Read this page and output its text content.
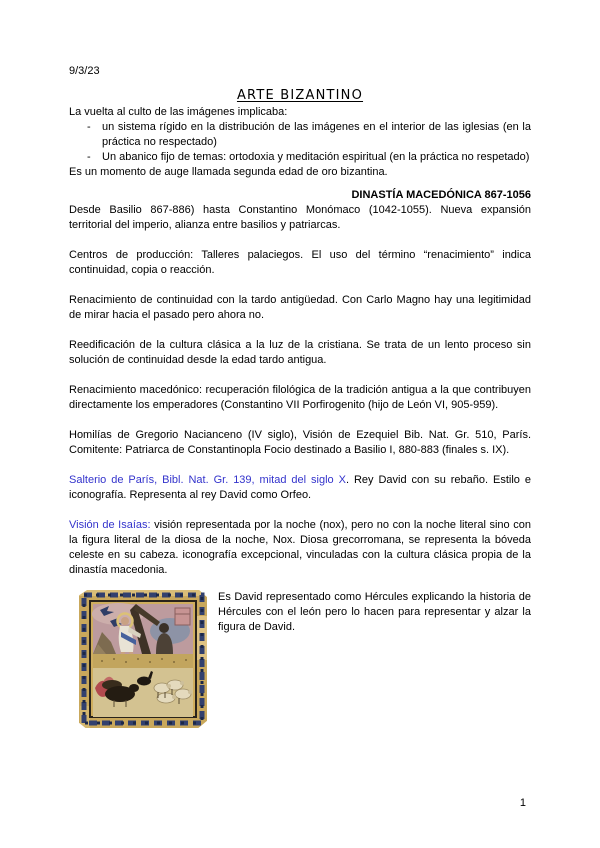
9/3/23

ARTE BIZANTINO

La vuelta al culto de las imágenes implicaba:

- un sistema rígido en la distribución de las imágenes en el interior de las iglesias (en la práctica no respectado)
- Un abanico fijo de temas: ortodoxia y meditación espiritual (en la práctica no respetado)

Es un momento de auge llamada segunda edad de oro bizantina.

DINASTÍA MACEDÓNICA 867-1056

Desde Basilio 867-886) hasta Constantino Monómaco (1042-1055). Nueva expansión territorial del imperio, alianza entre basilios y patriarcas.

Centros de producción: Talleres palaciegos. El uso del término “renacimiento” indica continuidad, copia o reacción.

Renacimiento de continuidad con la tardo antigüedad. Con Carlo Magno hay una legitimidad de mirar hacia el pasado pero ahora no.

Reedificación de la cultura clásica a la luz de la cristiana. Se trata de un lento proceso sin solución de continuidad desde la edad tardo antigua.

Renacimiento macedónico: recuperación filológica de la tradición antigua a la que contribuyen directamente los emperadores (Constantino VII Porfirogenito (hijo de León VI, 905-959).

Homilías de Gregorio Nacianceno (IV siglo), Visión de Ezequiel Bib. Nat. Gr. 510, París. Comitente: Patriarca de Constantinopla Focio destinado a Basilio I, 880-883 (finales s. IX).

Salterio de París, Bibl. Nat. Gr. 139, mitad del siglo X. Rey David con su rebaño. Estilo e iconografía. Representa al rey David como Orfeo.

Visión de Isaías: visión representada por la noche (nox), pero no con la noche literal sino con la figura literal de la diosa de la noche, Nox. Diosa grecorromana, se representa la bóveda celeste en su cabeza. iconografía excepcional, vinculadas con la cultura clásica propia de la dinastía macedonia.

Es David representado como Hércules explicando la historia de Hércules con el león pero lo hacen para representar y alzar la figura de David.
1
